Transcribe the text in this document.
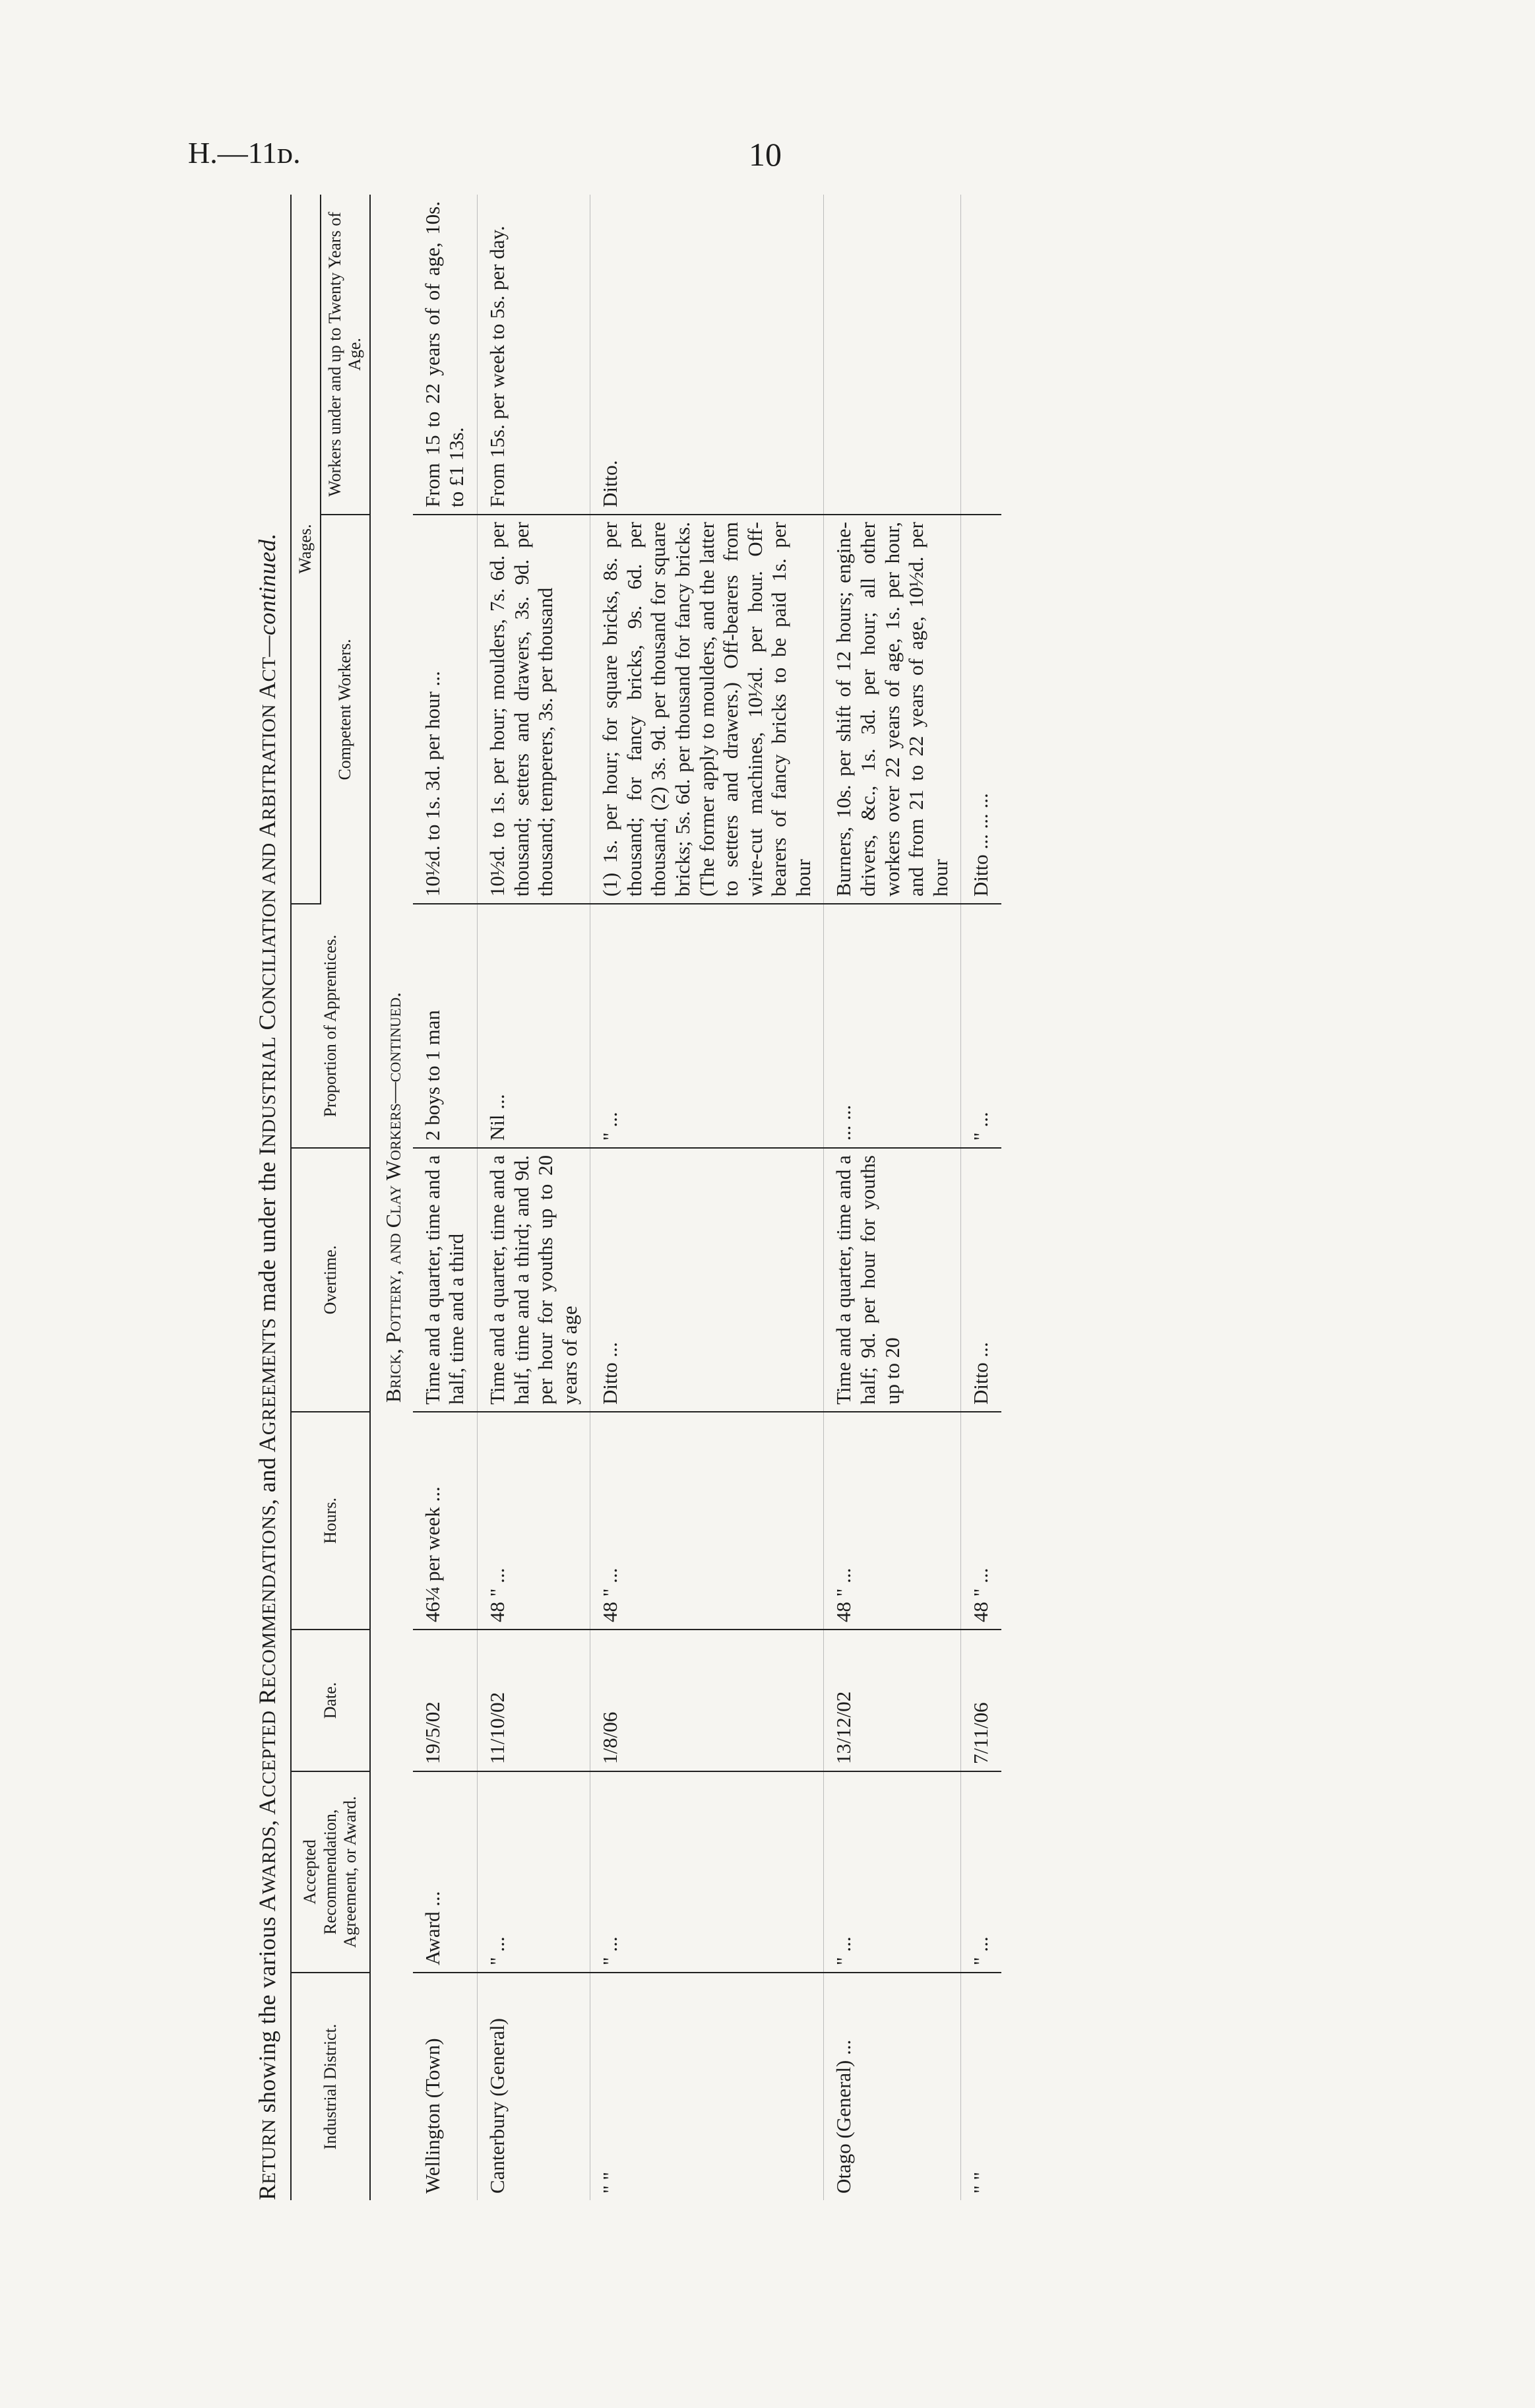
H.—11ᴅ.	10
RETURN showing the various AWARDS, ACCEPTED RECOMMENDATIONS, and AGREEMENTS made under the INDUSTRIAL CONCILIATION AND ARBITRATION ACT—continued.
Industrial District.	Accepted Recommendation, Agreement, or Award.	Date.	Hours.	Overtime.	Proportion of Apprentices.	Wages.	
						Competent Workers.	Workers under and up to Twenty Years of Age.
Brick, Pottery, and Clay Workers—continued.							
Wellington (Town)	Award ...	19/5/02	46¼ per week ...	Time and a quarter, time and a half, time and a third	2 boys to 1 man	10½d. to 1s. 3d. per hour ...	From 15 to 22 years of of age, 10s. to £1 13s.
Canterbury (General)	" ...	11/10/02	48 " ...	Time and a quarter, time and a half, time and a third; and 9d. per hour for youths up to 20 years of age	Nil ...	10½d. to 1s. per hour; moulders, 7s. 6d. per thousand; setters and drawers, 3s. 9d. per thousand; temperers, 3s. per thousand	From 15s. per week to 5s. per day.
" "	" ...	1/8/06	48 " ...	Ditto ...	" ...	(1) 1s. per hour; for square bricks, 8s. per thousand; for fancy bricks, 9s. 6d. per thousand; (2) 3s. 9d. per thousand for square bricks; 5s. 6d. per thousand for fancy bricks. (The former apply to moulders, and the latter to setters and drawers.) Off-bearers from wire-cut machines, 10½d. per hour. Off-bearers of fancy bricks to be paid 1s. per hour	Ditto.
Otago (General) ...	" ...	13/12/02	48 " ...	Time and a quarter, time and a half; 9d. per hour for youths up to 20	... ...	Burners, 10s. per shift of 12 hours; engine-drivers, &c., 1s. 3d. per hour; all other workers over 22 years of age, 1s. per hour, and from 21 to 22 years of age, 10½d. per hour	
" "	" ...	7/11/06	48 " ...	Ditto ...	" ...	Ditto ... ... ...	
